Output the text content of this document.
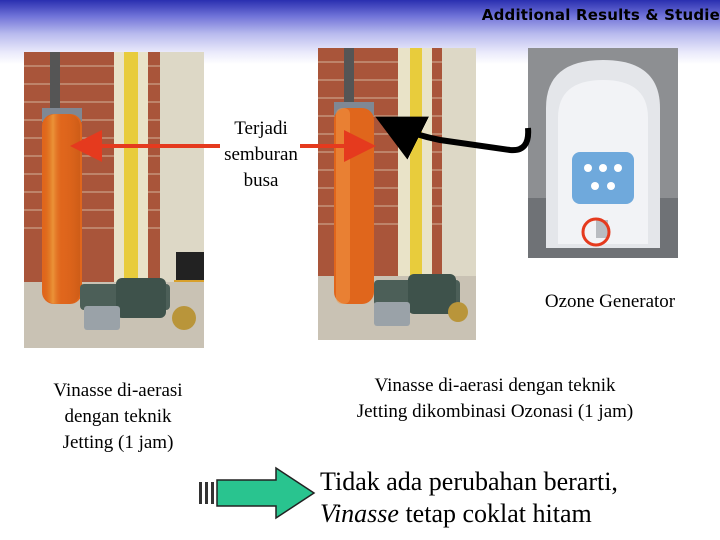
Additional Results & Studie
Terjadi
semburan
busa
Ozone Generator
Vinasse di-aerasi
dengan teknik
Jetting (1 jam)
Vinasse di-aerasi dengan teknik
Jetting dikombinasi Ozonasi (1 jam)
Tidak ada perubahan berarti,
Vinasse tetap coklat hitam
